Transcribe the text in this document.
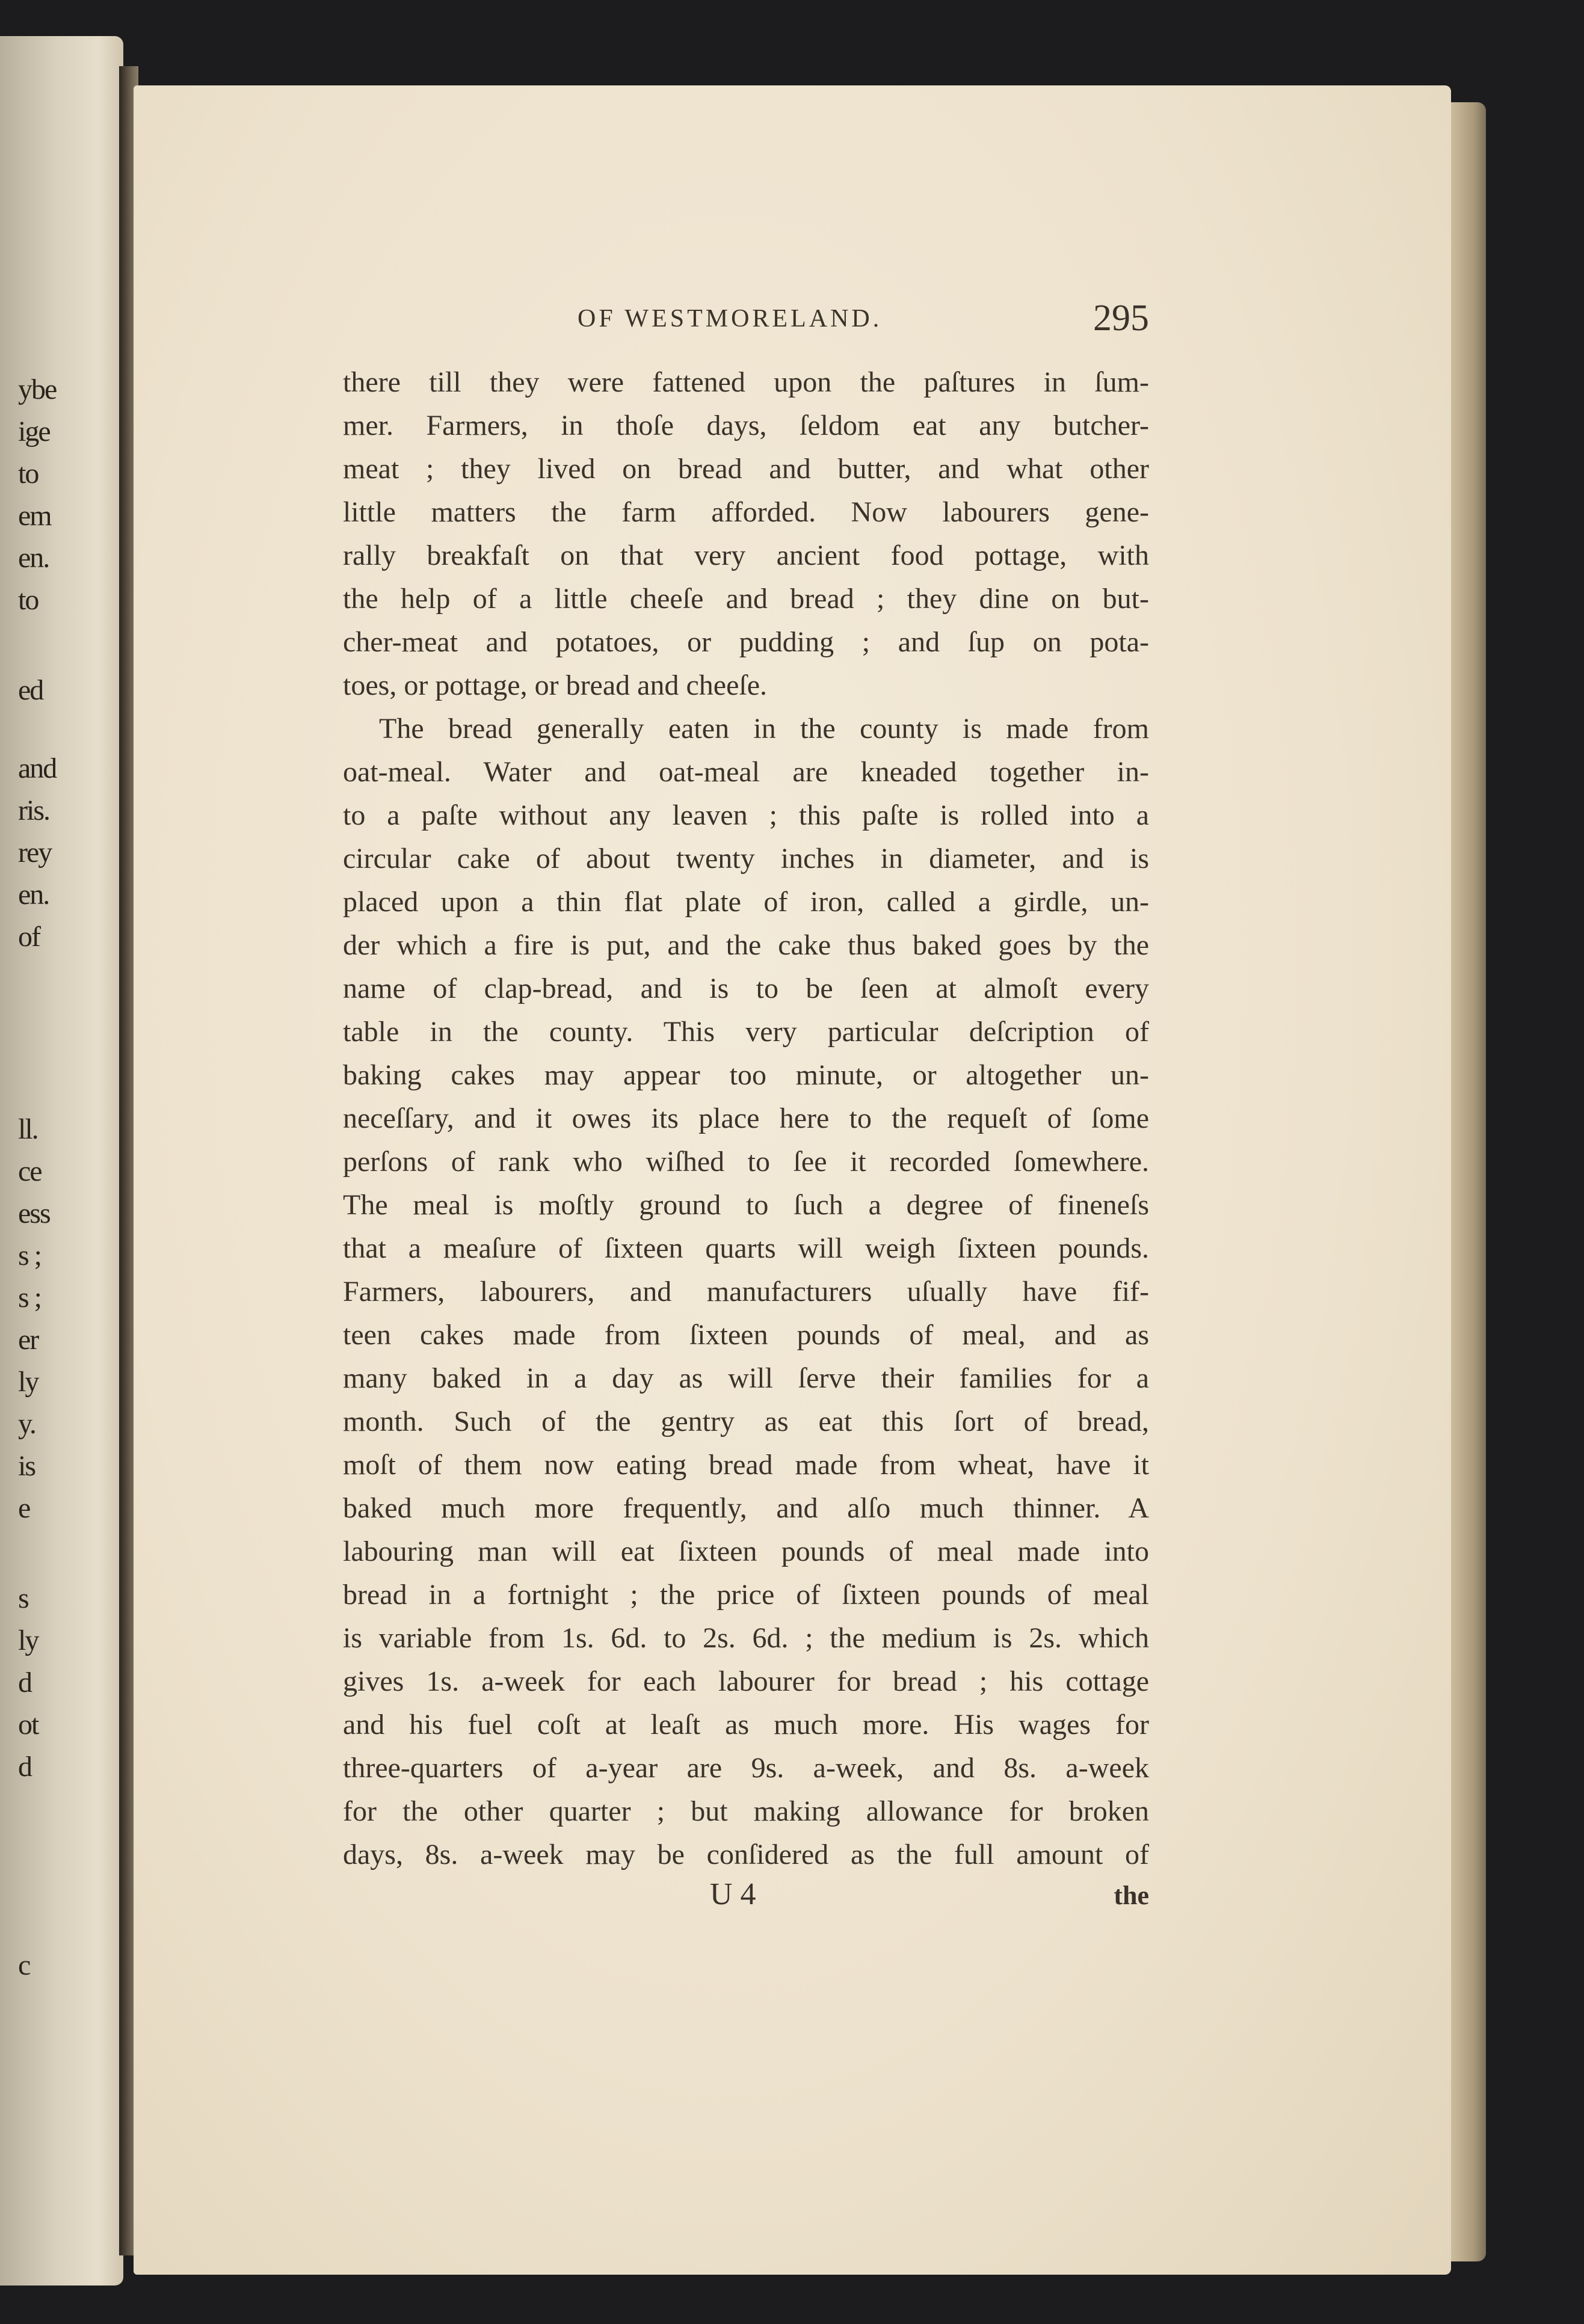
ybe
ige
to
em
en.
to
ed
and
ris.
rey
en.
of
ll.
ce
ess
s ;
s ;
er
ly
y.
is
e
s
ly
d
ot
d
c
OF WESTMORELAND.	295
there till they were fattened upon the paſtures in ſum-
mer. Farmers, in thoſe days, ſeldom eat any butcher-
meat ; they lived on bread and butter, and what other
little matters the farm afforded. Now labourers gene-
rally breakfaſt on that very ancient food pottage, with
the help of a little cheeſe and bread ; they dine on but-
cher-meat and potatoes, or pudding ; and ſup on pota-
toes, or pottage, or bread and cheeſe.
The bread generally eaten in the county is made from
oat-meal. Water and oat-meal are kneaded together in-
to a paſte without any leaven ; this paſte is rolled into a
circular cake of about twenty inches in diameter, and is
placed upon a thin flat plate of iron, called a girdle, un-
der which a fire is put, and the cake thus baked goes by the
name of clap-bread, and is to be ſeen at almoſt every
table in the county. This very particular deſcription of
baking cakes may appear too minute, or altogether un-
neceſſary, and it owes its place here to the requeſt of ſome
perſons of rank who wiſhed to ſee it recorded ſomewhere.
The meal is moſtly ground to ſuch a degree of fineneſs
that a meaſure of ſixteen quarts will weigh ſixteen pounds.
Farmers, labourers, and manufacturers uſually have fif-
teen cakes made from ſixteen pounds of meal, and as
many baked in a day as will ſerve their families for a
month. Such of the gentry as eat this ſort of bread,
moſt of them now eating bread made from wheat, have it
baked much more frequently, and alſo much thinner. A
labouring man will eat ſixteen pounds of meal made into
bread in a fortnight ; the price of ſixteen pounds of meal
is variable from 1s. 6d. to 2s. 6d. ; the medium is 2s. which
gives 1s. a-week for each labourer for bread ; his cottage
and his fuel coſt at leaſt as much more. His wages for
three-quarters of a-year are 9s. a-week, and 8s. a-week
for the other quarter ; but making allowance for broken
days, 8s. a-week may be conſidered as the full amount of
U 4	the
